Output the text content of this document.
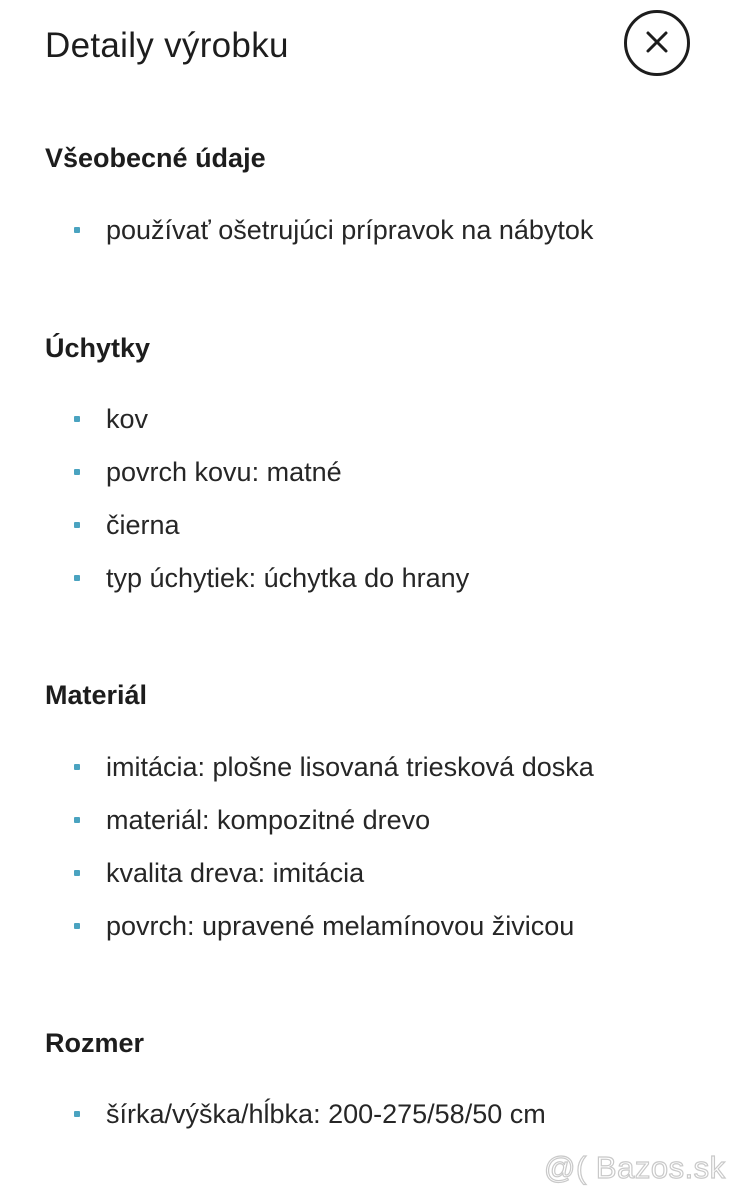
Detaily výrobku
Všeobecné údaje
používať ošetrujúci prípravok na nábytok
Úchytky
kov
povrch kovu: matné
čierna
typ úchytiek: úchytka do hrany
Materiál
imitácia: plošne lisovaná triesková doska
materiál: kompozitné drevo
kvalita dreva: imitácia
povrch: upravené melamínovou živicou
Rozmer
šírka/výška/hĺbka: 200-275/58/50 cm
@( Bazos.sk
